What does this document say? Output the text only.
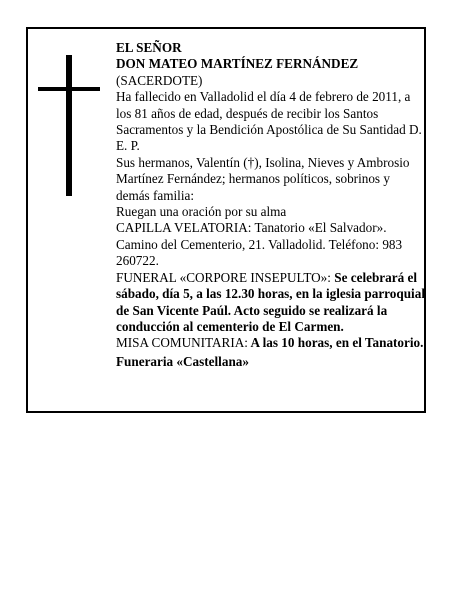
EL SEÑOR

DON MATEO MARTÍNEZ FERNÁNDEZ

(SACERDOTE)

Ha fallecido en Valladolid el día 4 de febrero de 2011, a los 81 años de edad, después de recibir los Santos Sacramentos y la Bendición Apostólica de Su Santidad D. E. P.

Sus hermanos, Valentín (†), Isolina, Nieves y Ambrosio Martínez Fernández; hermanos políticos, sobrinos y demás familia:

Ruegan una oración por su alma

CAPILLA VELATORIA: Tanatorio «El Salvador». Camino del Cementerio, 21. Valladolid. Teléfono: 983 260722.

FUNERAL «CORPORE INSEPULTO»: Se celebrará el sábado, día 5, a las 12.30 horas, en la iglesia parroquial de San Vicente Paúl. Acto seguido se realizará la conducción al cementerio de El Carmen.

MISA COMUNITARIA: A las 10 horas, en el Tanatorio.

Funeraria «Castellana»
